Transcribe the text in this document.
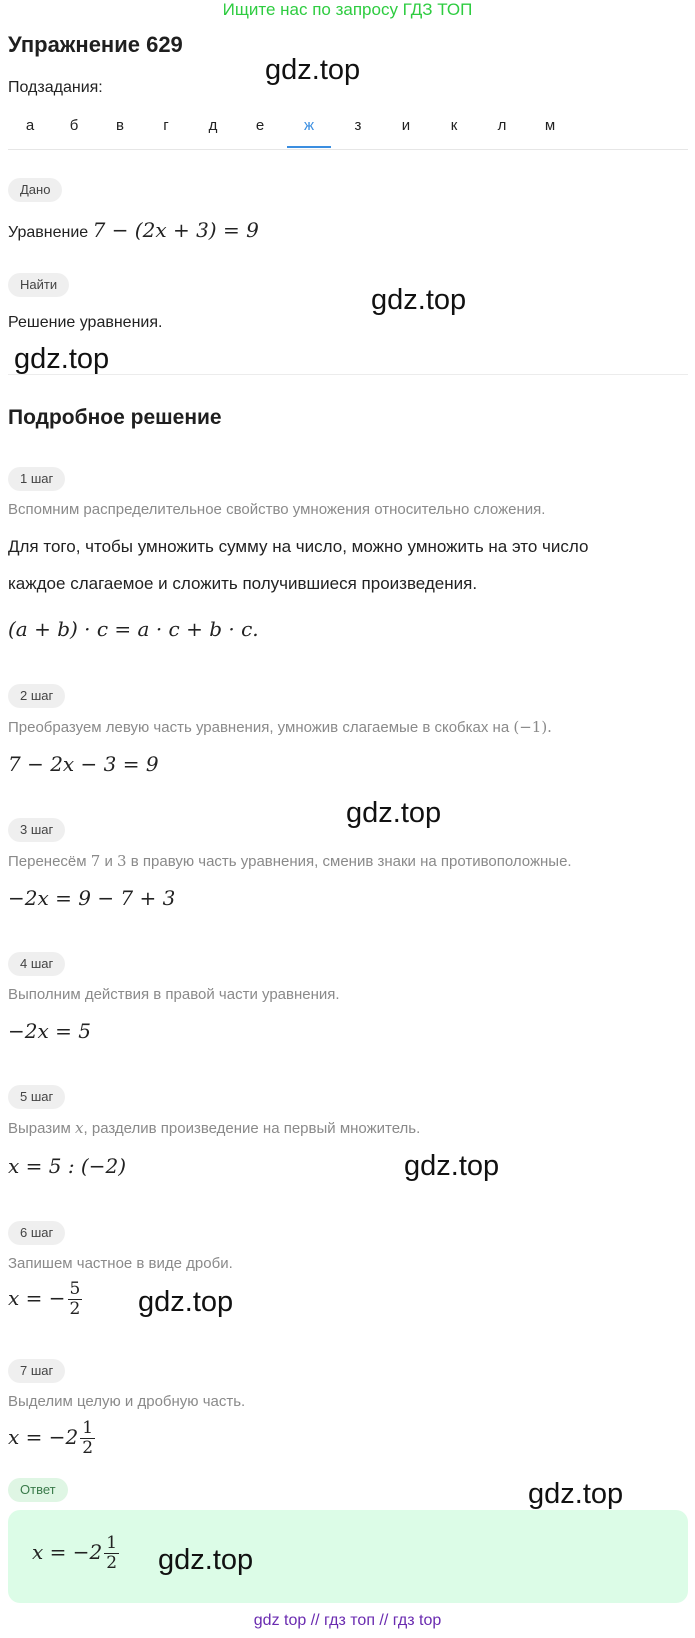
Ищите нас по запросу ГДЗ ТОП
Упражнение 629
Подзадания:
а	б	в	г	д	е	ж	з	и	к	л	м
Дано
Уравнение 7 − (2x + 3) = 9
Найти
Решение уравнения.
Подробное решение
1 шаг
Вспомним распределительное свойство умножения относительно сложения.
Для того, чтобы умножить сумму на число, можно умножить на это число
каждое слагаемое и сложить получившиеся произведения.
(a + b) · c = a · c + b · c.
2 шаг
Преобразуем левую часть уравнения, умножив слагаемые в скобках на (−1).
7 − 2x − 3 = 9
3 шаг
Перенесём 7 и 3 в правую часть уравнения, сменив знаки на противоположные.
−2x = 9 − 7 + 3
4 шаг
Выполним действия в правой части уравнения.
−2x = 5
5 шаг
Выразим x, разделив произведение на первый множитель.
x = 5 : (−2)
6 шаг
Запишем частное в виде дроби.
x = − $\frac{5}{2}$
7 шаг
Выделим целую и дробную часть.
$x = -2 \frac{1}{2}$
Ответ
$x = -2 \frac{1}{2}$
gdz.top
gdz.top
gdz.top
gdz.top
gdz.top
gdz.top
gdz.top
gdz.top
gdz top // гдз топ // гдз top
